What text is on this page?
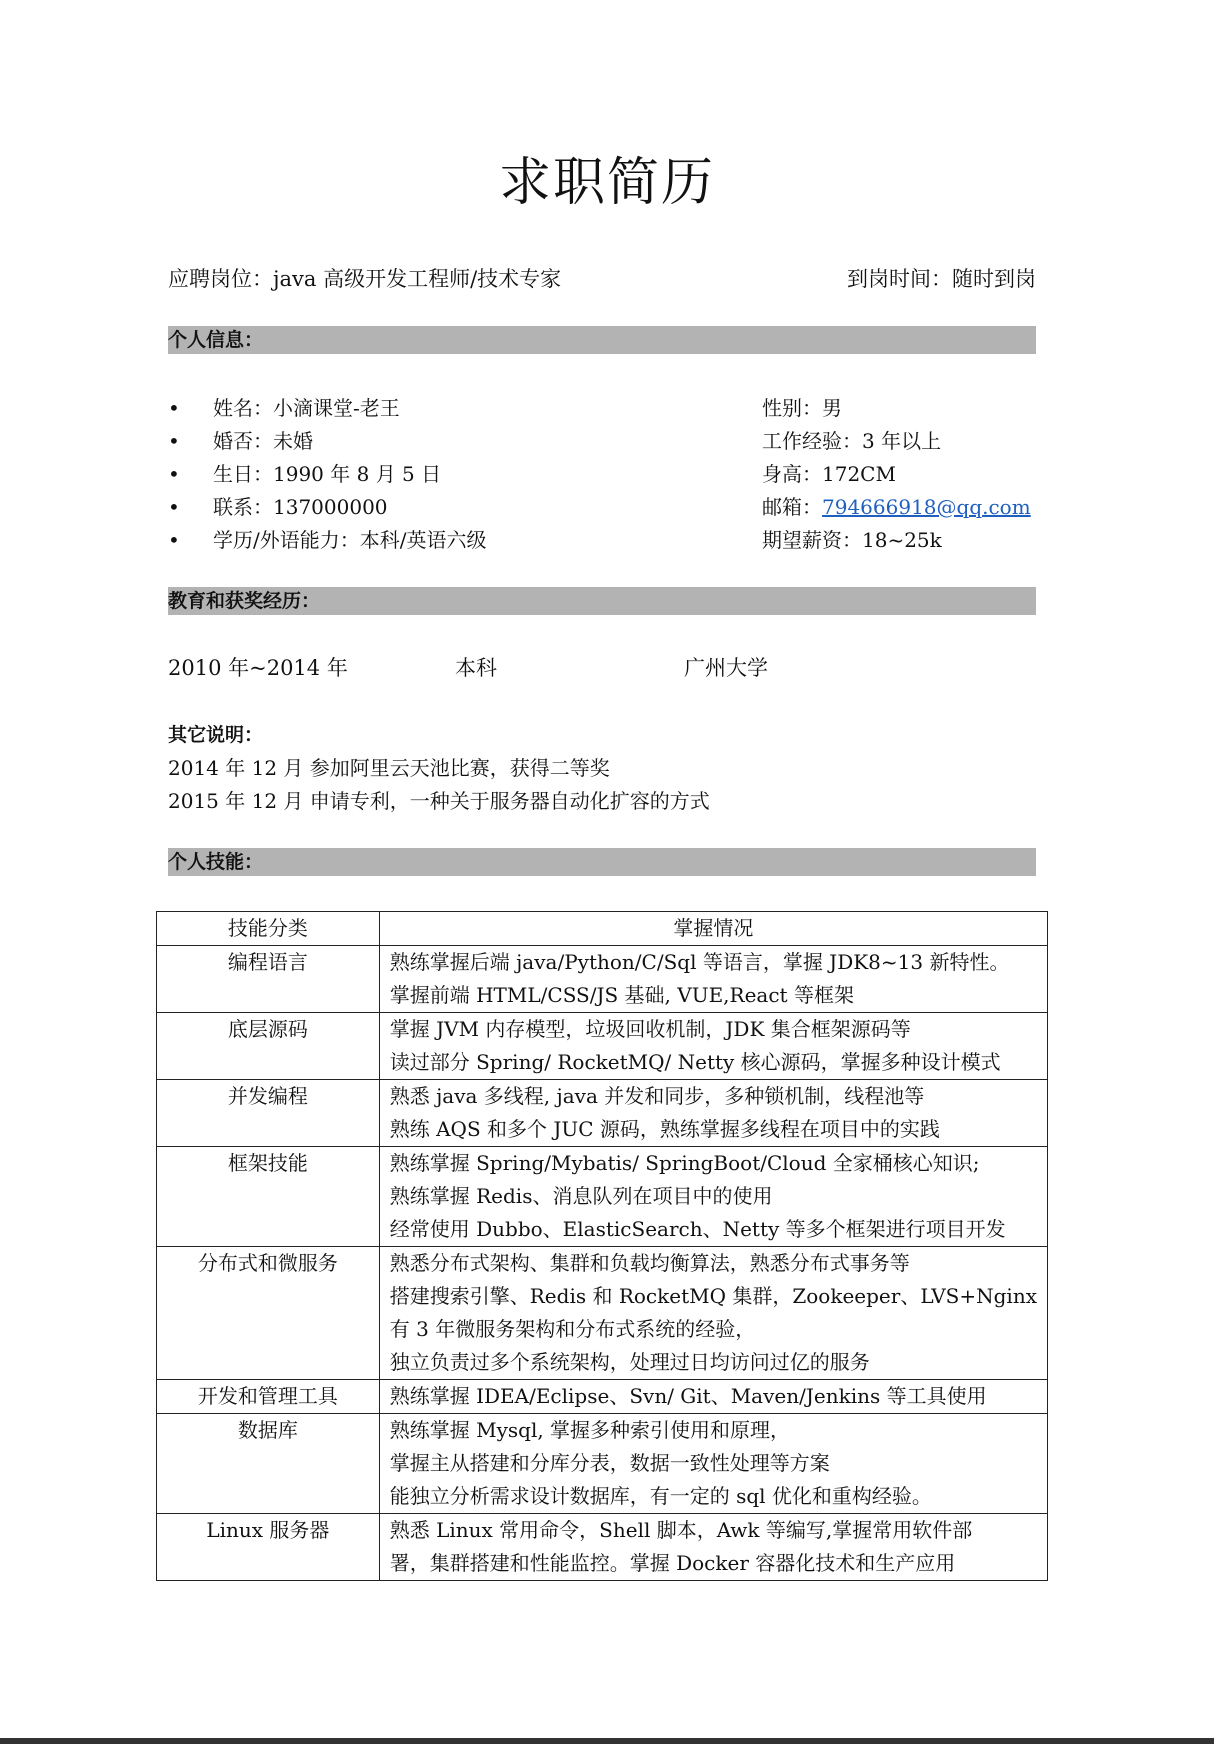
求职简历
应聘岗位：java 高级开发工程师/技术专家	到岗时间：随时到岗
个人信息：
• 姓名：小滴课堂-老王	性别：男
• 婚否：未婚	工作经验：3 年以上
• 生日：1990 年 8 月 5 日	身高：172CM
• 联系：137000000	邮箱：794666918@qq.com
• 学历/外语能力：本科/英语六级	期望薪资：18~25k
教育和获奖经历：
2010 年~2014 年	本科	广州大学
其它说明：
2014 年 12 月 参加阿里云天池比赛，获得二等奖
2015 年 12 月 申请专利，一种关于服务器自动化扩容的方式
个人技能：
技能分类	掌握情况
编程语言	熟练掌握后端 java/Python/C/Sql 等语言，掌握 JDK8~13 新特性。
掌握前端 HTML/CSS/JS 基础, VUE,React 等框架

底层源码	掌握 JVM 内存模型，垃圾回收机制，JDK 集合框架源码等
读过部分 Spring/ RocketMQ/ Netty 核心源码，掌握多种设计模式

并发编程	熟悉 java 多线程, java 并发和同步，多种锁机制，线程池等
熟练 AQS 和多个 JUC 源码，熟练掌握多线程在项目中的实践

框架技能	熟练掌握 Spring/Mybatis/ SpringBoot/Cloud 全家桶核心知识;
熟练掌握 Redis、消息队列在项目中的使用
经常使用 Dubbo、ElasticSearch、Netty 等多个框架进行项目开发

分布式和微服务	熟悉分布式架构、集群和负载均衡算法，熟悉分布式事务等
搭建搜索引擎、Redis 和 RocketMQ 集群，Zookeeper、LVS+Nginx
有 3 年微服务架构和分布式系统的经验，
独立负责过多个系统架构，处理过日均访问过亿的服务

开发和管理工具	熟练掌握 IDEA/Eclipse、Svn/ Git、Maven/Jenkins 等工具使用

数据库	熟练掌握 Mysql, 掌握多种索引使用和原理，
掌握主从搭建和分库分表，数据一致性处理等方案
能独立分析需求设计数据库，有一定的 sql 优化和重构经验。

Linux 服务器	熟悉 Linux 常用命令，Shell 脚本，Awk 等编写,掌握常用软件部
署，集群搭建和性能监控。掌握 Docker 容器化技术和生产应用
